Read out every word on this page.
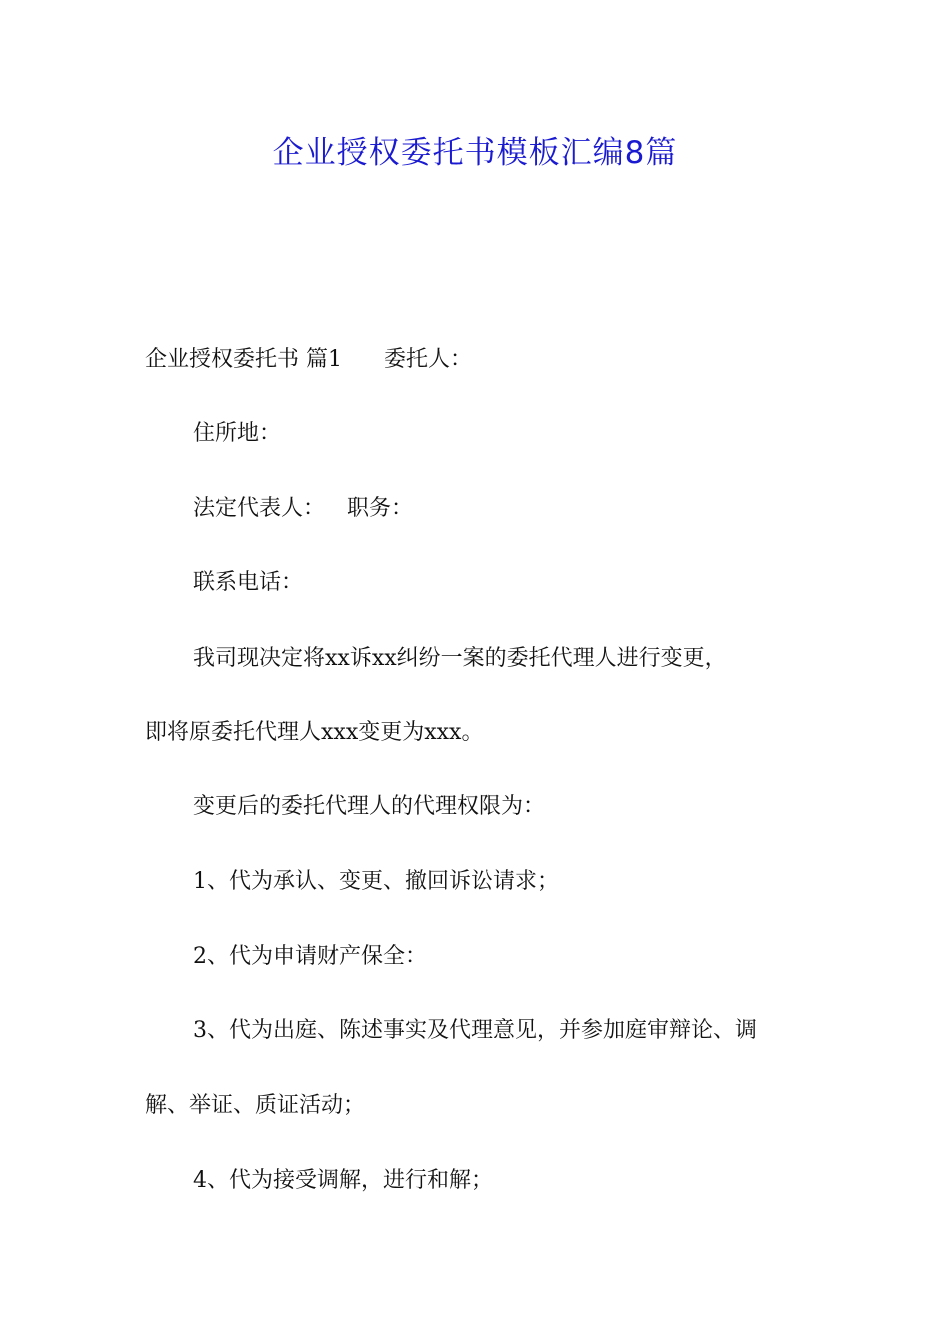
企业授权委托书模板汇编8篇
企业授权委托书 篇1 委托人：
住所地：
法定代表人： 职务：
联系电话：
我司现决定将xx诉xx纠纷一案的委托代理人进行变更，
即将原委托代理人xxx变更为xxx。
变更后的委托代理人的代理权限为：
1、代为承认、变更、撤回诉讼请求；
2、代为申请财产保全：
3、代为出庭、陈述事实及代理意见，并参加庭审辩论、调
解、举证、质证活动；
4、代为接受调解，进行和解；
